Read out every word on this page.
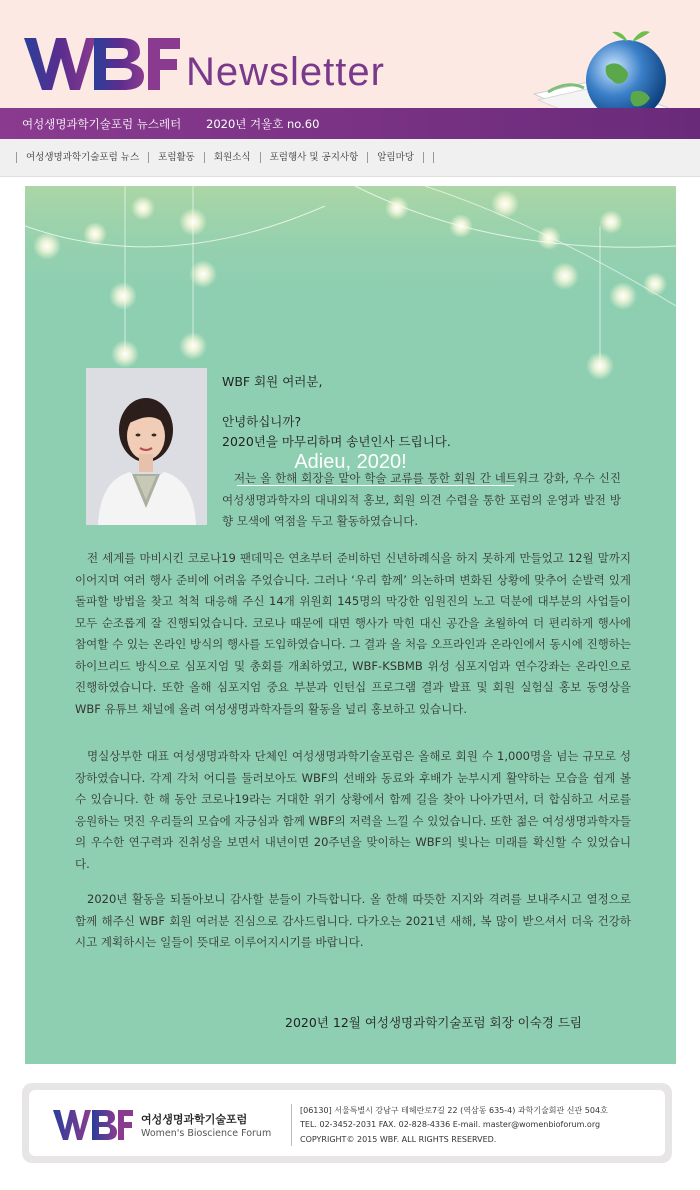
Newsletter
여성생명과학기술포럼 뉴스레터 2020년 겨울호 no.60
여성생명과학기술포럼 뉴스	포럼활동	회원소식	포럼행사 및 공지사항	알림마당
Adieu, 2020!
WBF 회원 여러분,
안녕하십니까?
2020년을 마무리하며 송년인사 드립니다.
저는 올 한해 회장을 맡아 학술 교류를 통한 회원 간 네트워크 강화, 우수 신진 여성생명과학자의 대내외적 홍보, 회원 의견 수렴을 통한 포럼의 운영과 발전 방향 모색에 역점을 두고 활동하였습니다.
전 세계를 마비시킨 코로나19 팬데믹은 연초부터 준비하던 신년하례식을 하지 못하게 만들었고 12월 말까지 이어지며 여러 행사 준비에 어려움 주었습니다. 그러나 ‘우리 함께’ 의논하며 변화된 상황에 맞추어 순발력 있게 돌파할 방법을 찾고 척척 대응해 주신 14개 위원회 145명의 막강한 임원진의 노고 덕분에 대부분의 사업들이 모두 순조롭게 잘 진행되었습니다. 코로나 때문에 대면 행사가 막힌 대신 공간을 초월하여 더 편리하게 행사에 참여할 수 있는 온라인 방식의 행사를 도입하였습니다. 그 결과 올 처음 오프라인과 온라인에서 동시에 진행하는 하이브리드 방식으로 심포지엄 및 총회를 개최하였고, WBF-KSBMB 위성 심포지엄과 연수강좌는 온라인으로 진행하였습니다. 또한 올해 심포지엄 중요 부분과 인턴십 프로그램 결과 발표 및 회원 실험실 홍보 동영상을 WBF 유튜브 채널에 올려 여성생명과학자들의 활동을 널리 홍보하고 있습니다.
명실상부한 대표 여성생명과학자 단체인 여성생명과학기술포럼은 올해로 회원 수 1,000명을 넘는 규모로 성장하였습니다. 각계 각처 어디를 둘러보아도 WBF의 선배와 동료와 후배가 눈부시게 활약하는 모습을 쉽게 볼 수 있습니다. 한 해 동안 코로나19라는 거대한 위기 상황에서 함께 길을 찾아 나아가면서, 더 합심하고 서로를 응원하는 멋진 우리들의 모습에 자긍심과 함께 WBF의 저력을 느낄 수 있었습니다. 또한 젊은 여성생명과학자들의 우수한 연구력과 진취성을 보면서 내년이면 20주년을 맞이하는 WBF의 빛나는 미래를 확신할 수 있었습니다.
2020년 활동을 되돌아보니 감사할 분들이 가득합니다. 올 한해 따뜻한 지지와 격려를 보내주시고 열정으로 함께 해주신 WBF 회원 여러분 진심으로 감사드립니다. 다가오는 2021년 새해, 복 많이 받으셔서 더욱 건강하시고 계획하시는 일들이 뜻대로 이루어지시기를 바랍니다.
2020년 12월 여성생명과학기술포럼 회장 이숙경 드림
여성생명과학기술포럼
Women's Bioscience Forum
[06130] 서울특별시 강남구 테헤란로7길 22 (역삼동 635-4) 과학기술회관 신관 504호
TEL. 02-3452-2031 FAX. 02-828-4336 E-mail. master@womenbioforum.org
COPYRIGHT© 2015 WBF. ALL RIGHTS RESERVED.
